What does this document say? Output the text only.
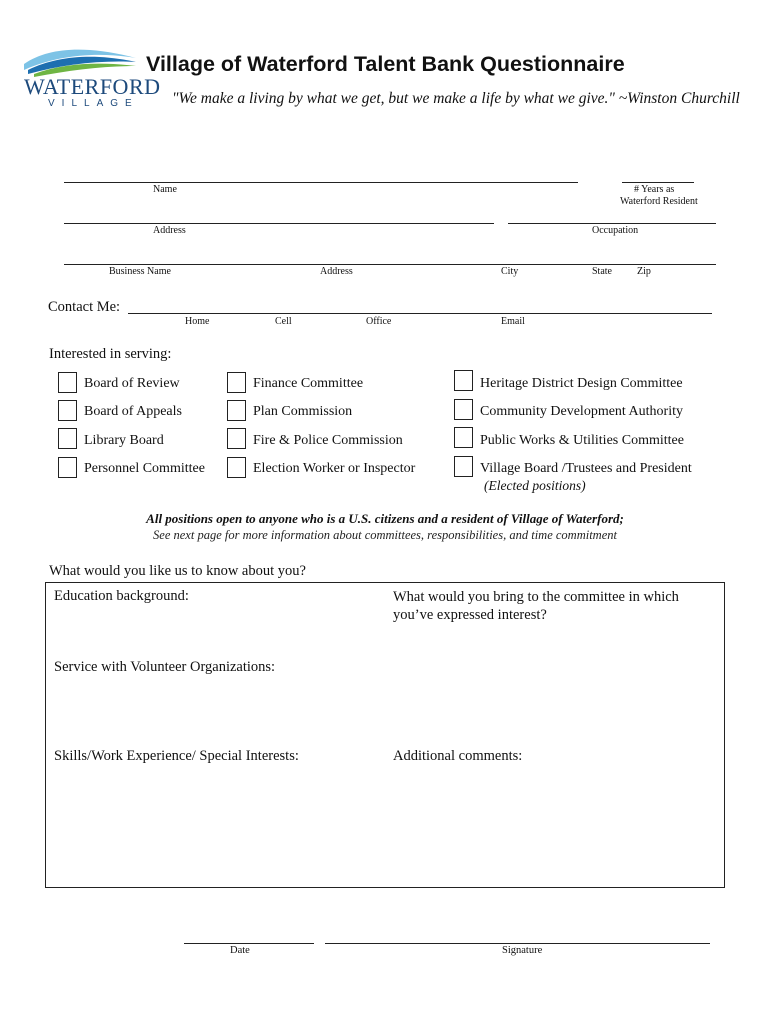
WATERFORD
VILLAGE
Village of Waterford Talent Bank Questionnaire
"We make a living by what we get, but we make a life by what we give." ~Winston Churchill
Name	# Years as
Waterford Resident
Address	Occupation
Business Name	Address	City	State	Zip
Contact Me:
Home	Cell	Office	Email
Interested in serving:
Board of Review
Board of Appeals
Library Board
Personnel Committee
Finance Committee
Plan Commission
Fire & Police Commission
Election Worker or Inspector
Heritage District Design Committee
Community Development Authority
Public Works & Utilities Committee
Village Board /Trustees and President
(Elected positions)
All positions open to anyone who is a U.S. citizens and a resident of Village of Waterford;
See next page for more information about committees, responsibilities, and time commitment
What would you like us to know about you?
Education background:	What would you bring to the committee in which you’ve expressed interest?
Service with Volunteer Organizations:
Skills/Work Experience/ Special Interests:	Additional comments:
Date	Signature
